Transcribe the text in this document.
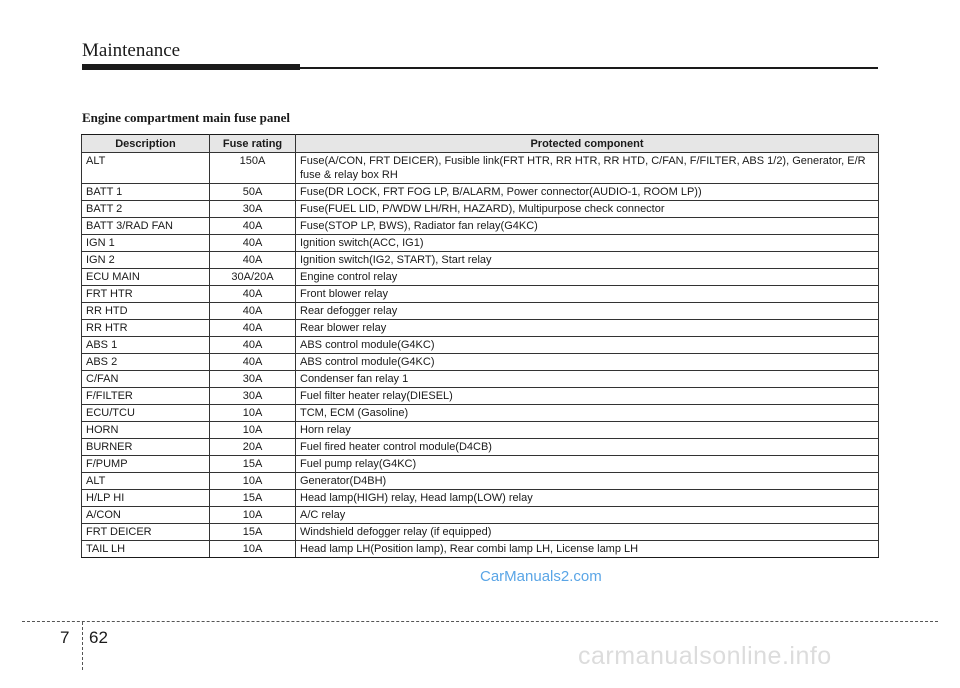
Maintenance
Engine compartment main fuse panel
Description	Fuse rating	Protected component
ALT	150A	Fuse(A/CON, FRT DEICER), Fusible link(FRT HTR, RR HTR, RR HTD, C/FAN, F/FILTER, ABS 1/2), Generator, E/R fuse & relay box RH
BATT 1	50A	Fuse(DR LOCK, FRT FOG LP, B/ALARM, Power connector(AUDIO-1, ROOM LP))
BATT 2	30A	Fuse(FUEL LID, P/WDW LH/RH, HAZARD), Multipurpose check connector
BATT 3/RAD FAN	40A	Fuse(STOP LP, BWS), Radiator fan relay(G4KC)
IGN 1	40A	Ignition switch(ACC, IG1)
IGN 2	40A	Ignition switch(IG2, START), Start relay
ECU MAIN	30A/20A	Engine control relay
FRT HTR	40A	Front blower relay
RR HTD	40A	Rear defogger relay
RR HTR	40A	Rear blower relay
ABS 1	40A	ABS control module(G4KC)
ABS 2	40A	ABS control module(G4KC)
C/FAN	30A	Condenser fan relay 1
F/FILTER	30A	Fuel filter heater relay(DIESEL)
ECU/TCU	10A	TCM, ECM (Gasoline)
HORN	10A	Horn relay
BURNER	20A	Fuel fired heater control module(D4CB)
F/PUMP	15A	Fuel pump relay(G4KC)
ALT	10A	Generator(D4BH)
H/LP HI	15A	Head lamp(HIGH) relay, Head lamp(LOW) relay
A/CON	10A	A/C relay
FRT DEICER	15A	Windshield defogger relay (if equipped)
TAIL LH	10A	Head lamp LH(Position lamp), Rear combi lamp LH, License lamp LH
CarManuals2.com
7 62
carmanualsonline.info
